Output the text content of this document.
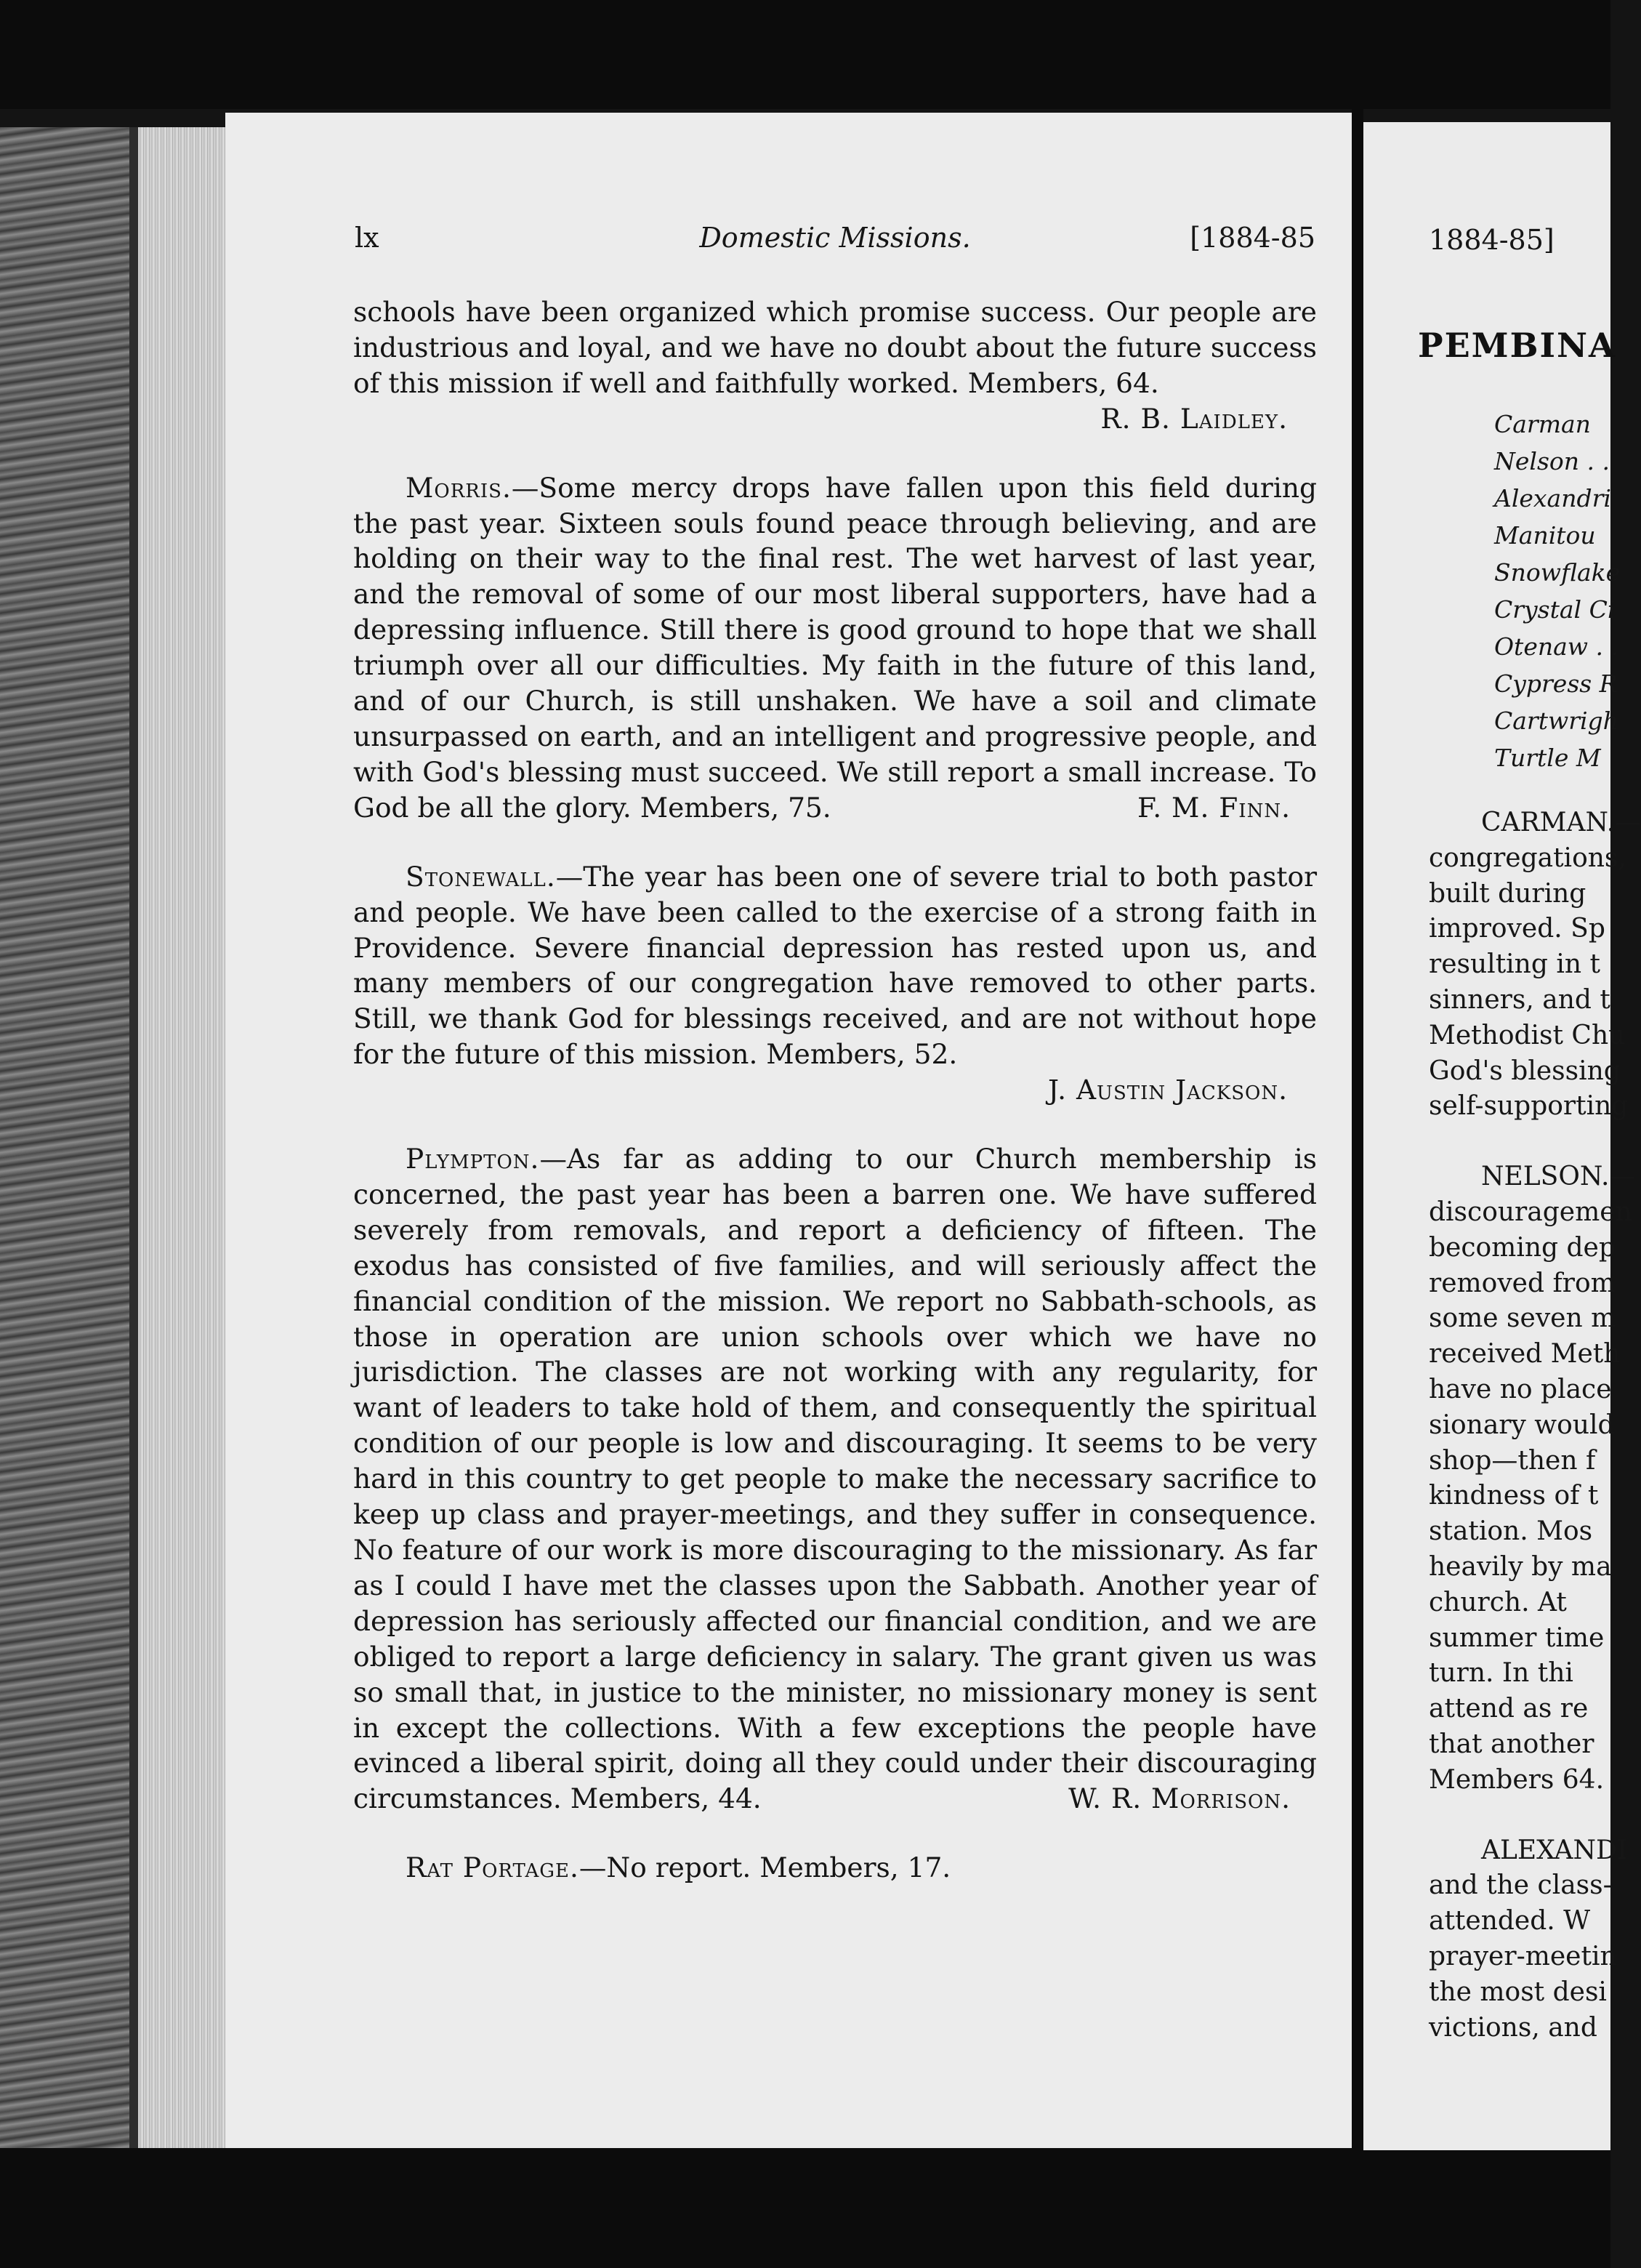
lx	Domestic Missions.	[1884-85

schools have been organized which promise success. Our people are industrious and loyal, and we have no doubt about the future success of this mission if well and faithfully worked. Members, 64.

R. B. Laidley.

Morris.—Some mercy drops have fallen upon this field during the past year. Sixteen souls found peace through believing, and are holding on their way to the final rest. The wet harvest of last year, and the removal of some of our most liberal supporters, have had a depressing influence. Still there is good ground to hope that we shall triumph over all our difficulties. My faith in the future of this land, and of our Church, is still unshaken. We have a soil and climate unsurpassed on earth, and an intelligent and progressive people, and with God's blessing must succeed. We still report a small increase. To God be all the glory. Members, 75.	F. M. Finn.

Stonewall.—The year has been one of severe trial to both pastor and people. We have been called to the exercise of a strong faith in Providence. Severe financial depression has rested upon us, and many members of our congregation have removed to other parts. Still, we thank God for blessings received, and are not without hope for the future of this mission. Members, 52.

J. Austin Jackson.

Plympton.—As far as adding to our Church membership is concerned, the past year has been a barren one. We have suffered severely from removals, and report a deficiency of fifteen. The exodus has consisted of five families, and will seriously affect the financial condition of the mission. We report no Sabbath-schools, as those in operation are union schools over which we have no jurisdiction. The classes are not working with any regularity, for want of leaders to take hold of them, and consequently the spiritual condition of our people is low and discouraging. It seems to be very hard in this country to get people to make the necessary sacrifice to keep up class and prayer-meetings, and they suffer in consequence. No feature of our work is more discouraging to the missionary. As far as I could I have met the classes upon the Sabbath. Another year of depression has seriously affected our financial condition, and we are obliged to report a large deficiency in salary. The grant given us was so small that, in justice to the minister, no missionary money is sent in except the collections. With a few exceptions the people have evinced a liberal spirit, doing all they could under their discouraging circumstances. Members, 44.	W. R. Morrison.

Rat Portage.—No report. Members, 17.

1884-85]
PEMBINA
Carman
Nelson . .
Alexandri
Manitou
Snowflake
Crystal Ci
Otenaw . .
Cypress R
Cartwrigh
Turtle M
CARMAN.—
congregations,
built during
improved. Sp
resulting in t
sinners, and t
Methodist Chu
God's blessing
self-supporting
NELSON.—
discouragemen
becoming dep
removed from
some seven m
received Meth
have no place
sionary would
shop—then f
kindness of t
station. Mos
heavily by ma
church. At
summer time
turn. In thi
attend as re
that another
Members 64.
ALEXANDI
and the class-
attended. W
prayer-meetin
the most desi
victions, and
